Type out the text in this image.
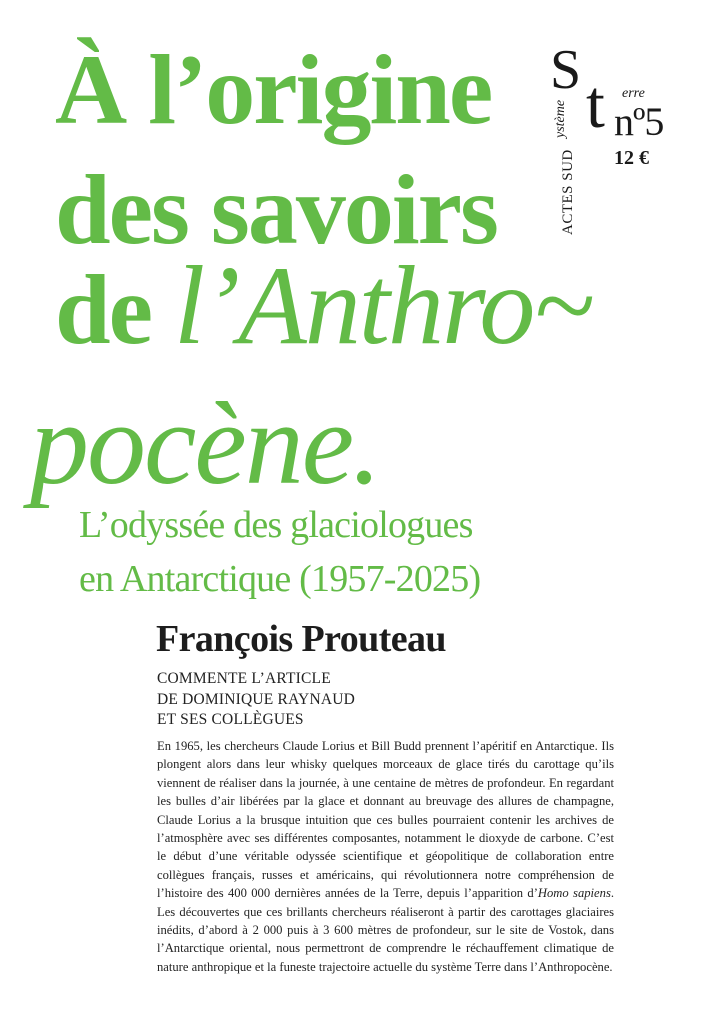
À l’origine
des savoirs
de l’Anthro~
pocène.

L’odyssée des glaciologues

en Antarctique (1957-2025)

François Prouteau
COMMENTE L’ARTICLE
DE DOMINIQUE RAYNAUD
ET SES COLLÈGUES

En 1965, les chercheurs Claude Lorius et Bill Budd prennent l’apéritif en Antarctique. Ils plongent alors dans leur whisky quelques morceaux de glace tirés du carottage qu’ils viennent de réaliser dans la journée, à une centaine de mètres de profondeur. En regardant les bulles d’air libérées par la glace et donnant au breuvage des allures de champagne, Claude Lorius a la brusque intuition que ces bulles pourraient contenir les archives de l’atmosphère avec ses différentes composantes, notamment le dioxyde de carbone. C’est le début d’une véritable odyssée scientifique et géopolitique de collaboration entre collègues français, russes et américains, qui révolutionnera notre compréhension de l’histoire des 400 000 dernières années de la Terre, depuis l’apparition d’Homo sapiens. Les découvertes que ces brillants chercheurs réaliseront à partir des carottages glaciaires inédits, d’abord à 2 000 puis à 3 600 mètres de profondeur, sur le site de Vostok, dans l’Antarctique oriental, nous permettront de comprendre le réchauffement climatique de nature anthropique et la funeste trajectoire actuelle du système Terre dans l’Anthropocène.

S t erre
ystème
ACTES SUD
nº5
12 €
